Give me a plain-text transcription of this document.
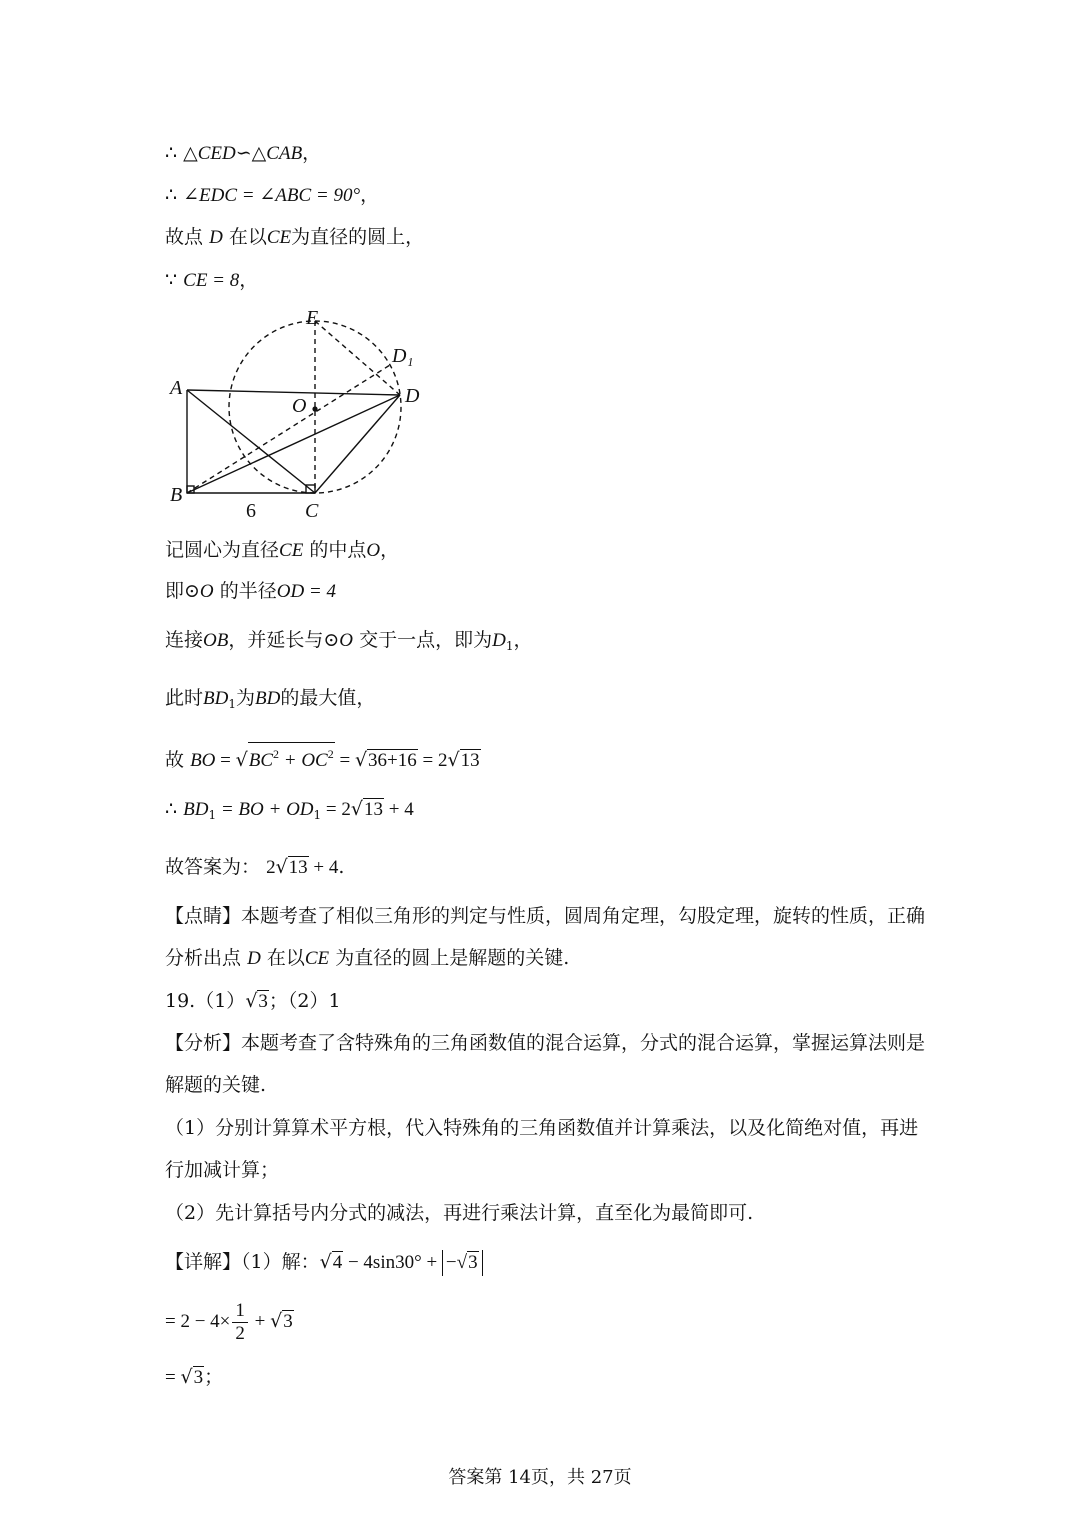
∴ △CED∽△CAB，
∴ ∠EDC = ∠ABC = 90°，
故点 D 在以CE为直径的圆上，
∵ CE = 8，
E
D₁
A
O	D
B
C
6
记圆心为直径CE 的中点O，
即⊙O 的半径OD = 4
连接OB，并延长与⊙O 交于一点，即为$D_1$，
此时$BD_1$为BD的最大值，
故 BO = $√BC^2 + OC^2 = √36+16 = 2√13$
∴ $BD_1$ = BO + $OD_1 = 2√13 + 4$
故答案为： 2√13 + 4.
【点睛】本题考查了相似三角形的判定与性质，圆周角定理，勾股定理，旋转的性质，正确
分析出点 D 在以CE 为直径的圆上是解题的关键.
19.（1）√3；（2）1
【分析】本题考查了含特殊角的三角函数值的混合运算，分式的混合运算，掌握运算法则是
解题的关键.
（1）分别计算算术平方根，代入特殊角的三角函数值并计算乘法，以及化简绝对值，再进
行加减计算；
（2）先计算括号内分式的减法，再进行乘法计算，直至化为最简即可.
【详解】（1）解：√4 − 4sin30° + −√3
= $2 - 4\times \frac{1}{2} + √3$
= √3；
答案第 14页，共 27页
